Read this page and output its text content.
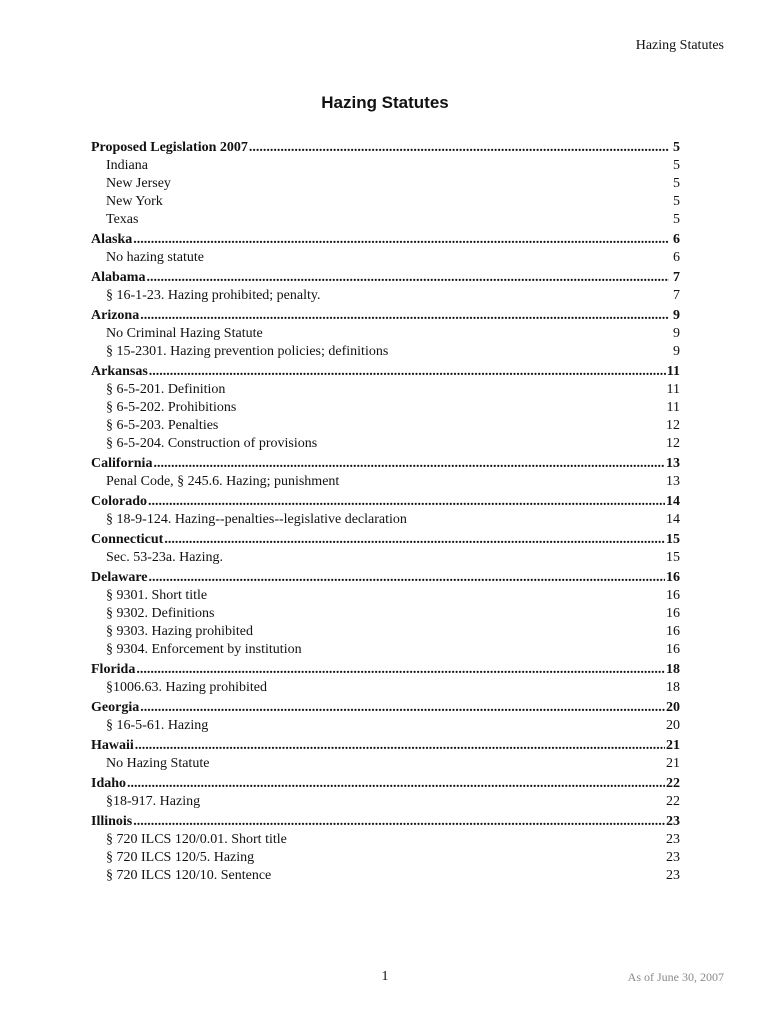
Hazing Statutes
Hazing Statutes
Proposed Legislation 2007 .....	5
Indiana	5
New Jersey	5
New York	5
Texas	5
Alaska .....	6
No hazing statute	6
Alabama .....	7
§ 16-1-23. Hazing prohibited; penalty.	7
Arizona .....	9
No Criminal Hazing Statute	9
§ 15-2301. Hazing prevention policies; definitions	9
Arkansas .....	11
§ 6-5-201. Definition	11
§ 6-5-202. Prohibitions	11
§ 6-5-203. Penalties	12
§ 6-5-204. Construction of provisions	12
California .....	13
Penal Code, § 245.6. Hazing; punishment	13
Colorado .....	14
§ 18-9-124. Hazing--penalties--legislative declaration	14
Connecticut .....	15
Sec. 53-23a. Hazing.	15
Delaware .....	16
§ 9301. Short title	16
§ 9302. Definitions	16
§ 9303. Hazing prohibited	16
§ 9304. Enforcement by institution	16
Florida .....	18
§1006.63. Hazing prohibited	18
Georgia .....	20
§ 16-5-61. Hazing	20
Hawaii .....	21
No Hazing Statute	21
Idaho .....	22
§18-917. Hazing	22
Illinois .....	23
§ 720 ILCS 120/0.01. Short title	23
§ 720 ILCS 120/5. Hazing	23
§ 720 ILCS 120/10. Sentence	23
1	As of June 30, 2007
